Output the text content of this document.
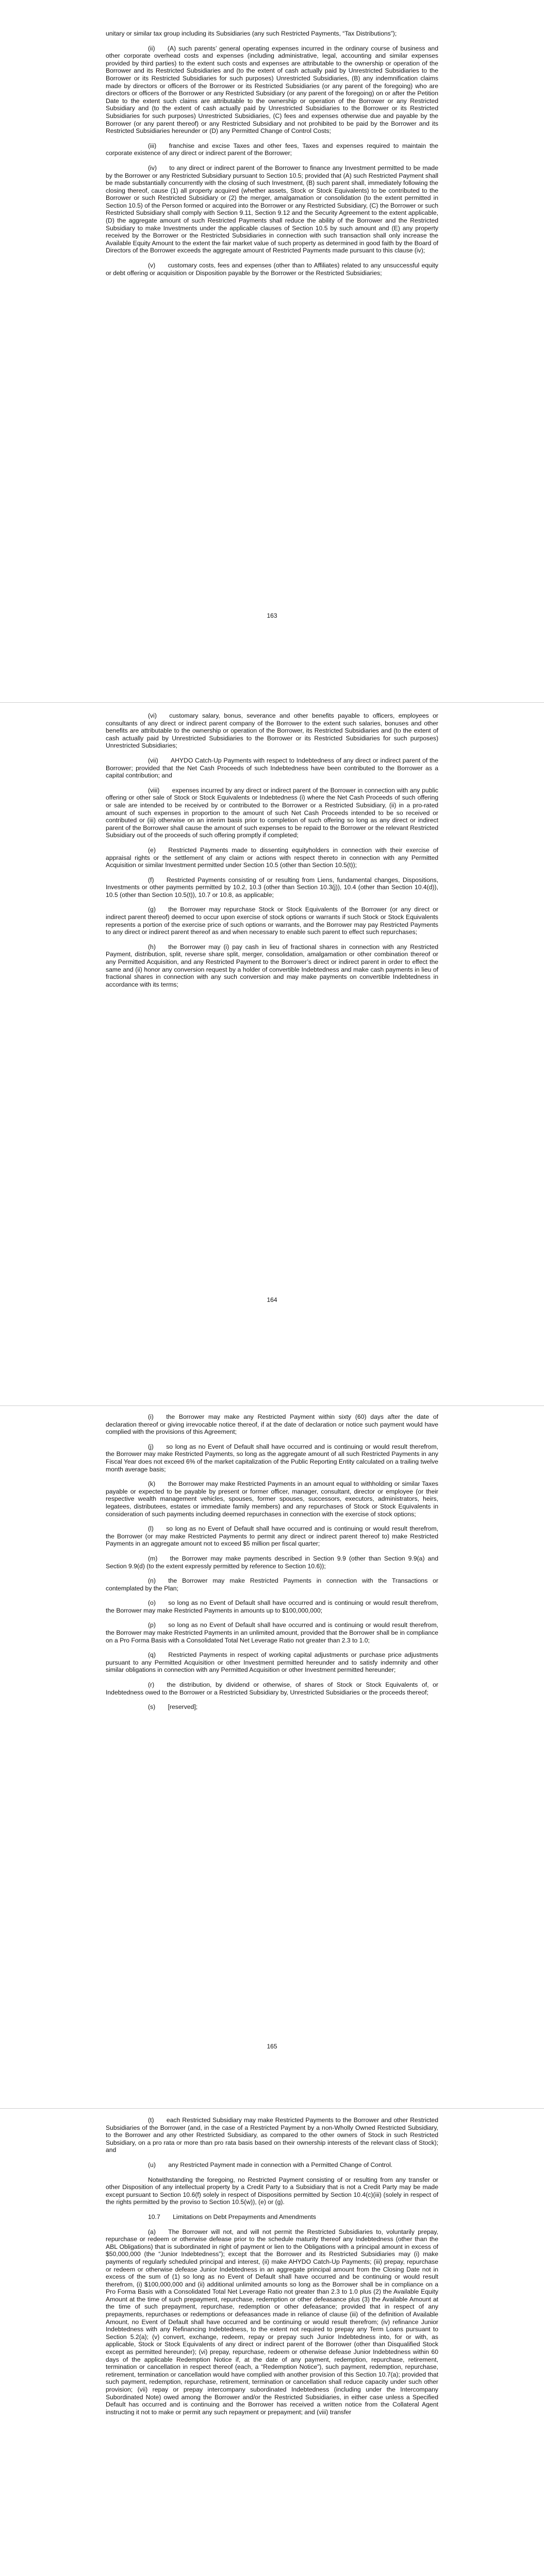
unitary or similar tax group including its Subsidiaries (any such Restricted Payments, “Tax Distributions”);

(ii)  (A) such parents’ general operating expenses incurred in the ordinary course of business and other corporate overhead costs and expenses (including administrative, legal, accounting and similar expenses provided by third parties) to the extent such costs and expenses are attributable to the ownership or operation of the Borrower and its Restricted Subsidiaries and (to the extent of cash actually paid by Unrestricted Subsidiaries to the Borrower or its Restricted Subsidiaries for such purposes) Unrestricted Subsidiaries, (B) any indemnification claims made by directors or officers of the Borrower or its Restricted Subsidiaries (or any parent of the foregoing) who are directors or officers of the Borrower or any Restricted Subsidiary (or any parent of the foregoing) on or after the Petition Date to the extent such claims are attributable to the ownership or operation of the Borrower or any Restricted Subsidiary and (to the extent of cash actually paid by Unrestricted Subsidiaries to the Borrower or its Restricted Subsidiaries for such purposes) Unrestricted Subsidiaries, (C) fees and expenses otherwise due and payable by the Borrower (or any parent thereof) or any Restricted Subsidiary and not prohibited to be paid by the Borrower and its Restricted Subsidiaries hereunder or (D) any Permitted Change of Control Costs;

(iii)  franchise and excise Taxes and other fees, Taxes and expenses required to maintain the corporate existence of any direct or indirect parent of the Borrower;

(iv)  to any direct or indirect parent of the Borrower to finance any Investment permitted to be made by the Borrower or any Restricted Subsidiary pursuant to Section 10.5; provided that (A) such Restricted Payment shall be made substantially concurrently with the closing of such Investment, (B) such parent shall, immediately following the closing thereof, cause (1) all property acquired (whether assets, Stock or Stock Equivalents) to be contributed to the Borrower or such Restricted Subsidiary or (2) the merger, amalgamation or consolidation (to the extent permitted in Section 10.5) of the Person formed or acquired into the Borrower or any Restricted Subsidiary, (C) the Borrower or such Restricted Subsidiary shall comply with Section 9.11, Section 9.12 and the Security Agreement to the extent applicable, (D) the aggregate amount of such Restricted Payments shall reduce the ability of the Borrower and the Restricted Subsidiary to make Investments under the applicable clauses of Section 10.5 by such amount and (E) any property received by the Borrower or the Restricted Subsidiaries in connection with such transaction shall only increase the Available Equity Amount to the extent the fair market value of such property as determined in good faith by the Board of Directors of the Borrower exceeds the aggregate amount of Restricted Payments made pursuant to this clause (iv);

(v)  customary costs, fees and expenses (other than to Affiliates) related to any unsuccessful equity or debt offering or acquisition or Disposition payable by the Borrower or the Restricted Subsidiaries;

163

(vi)  customary salary, bonus, severance and other benefits payable to officers, employees or consultants of any direct or indirect parent company of the Borrower to the extent such salaries, bonuses and other benefits are attributable to the ownership or operation of the Borrower, its Restricted Subsidiaries and (to the extent of cash actually paid by Unrestricted Subsidiaries to the Borrower or its Restricted Subsidiaries for such purposes) Unrestricted Subsidiaries;

(vii)  AHYDO Catch-Up Payments with respect to Indebtedness of any direct or indirect parent of the Borrower; provided that the Net Cash Proceeds of such Indebtedness have been contributed to the Borrower as a capital contribution; and

(viii)  expenses incurred by any direct or indirect parent of the Borrower in connection with any public offering or other sale of Stock or Stock Equivalents or Indebtedness (i) where the Net Cash Proceeds of such offering or sale are intended to be received by or contributed to the Borrower or a Restricted Subsidiary, (ii) in a pro-rated amount of such expenses in proportion to the amount of such Net Cash Proceeds intended to be so received or contributed or (iii) otherwise on an interim basis prior to completion of such offering so long as any direct or indirect parent of the Borrower shall cause the amount of such expenses to be repaid to the Borrower or the relevant Restricted Subsidiary out of the proceeds of such offering promptly if completed;

(e)  Restricted Payments made to dissenting equityholders in connection with their exercise of appraisal rights or the settlement of any claim or actions with respect thereto in connection with any Permitted Acquisition or similar Investment permitted under Section 10.5 (other than Section 10.5(t));

(f)  Restricted Payments consisting of or resulting from Liens, fundamental changes, Dispositions, Investments or other payments permitted by 10.2, 10.3 (other than Section 10.3(j)), 10.4 (other than Section 10.4(d)), 10.5 (other than Section 10.5(t)), 10.7 or 10.8, as applicable;

(g)  the Borrower may repurchase Stock or Stock Equivalents of the Borrower (or any direct or indirect parent thereof) deemed to occur upon exercise of stock options or warrants if such Stock or Stock Equivalents represents a portion of the exercise price of such options or warrants, and the Borrower may pay Restricted Payments to any direct or indirect parent thereof as and when necessary to enable such parent to effect such repurchases;

(h)  the Borrower may (i) pay cash in lieu of fractional shares in connection with any Restricted Payment, distribution, split, reverse share split, merger, consolidation, amalgamation or other combination thereof or any Permitted Acquisition, and any Restricted Payment to the Borrower’s direct or indirect parent in order to effect the same and (ii) honor any conversion request by a holder of convertible Indebtedness and make cash payments in lieu of fractional shares in connection with any such conversion and may make payments on convertible Indebtedness in accordance with its terms;

164

(i)  the Borrower may make any Restricted Payment within sixty (60) days after the date of declaration thereof or giving irrevocable notice thereof, if at the date of declaration or notice such payment would have complied with the provisions of this Agreement;

(j)  so long as no Event of Default shall have occurred and is continuing or would result therefrom, the Borrower may make Restricted Payments, so long as the aggregate amount of all such Restricted Payments in any Fiscal Year does not exceed 6% of the market capitalization of the Public Reporting Entity calculated on a trailing twelve month average basis;

(k)  the Borrower may make Restricted Payments in an amount equal to withholding or similar Taxes payable or expected to be payable by present or former officer, manager, consultant, director or employee (or their respective wealth management vehicles, spouses, former spouses, successors, executors, administrators, heirs, legatees, distributees, estates or immediate family members) and any repurchases of Stock or Stock Equivalents in consideration of such payments including deemed repurchases in connection with the exercise of stock options;

(l)  so long as no Event of Default shall have occurred and is continuing or would result therefrom, the Borrower (or may make Restricted Payments to permit any direct or indirect parent thereof to) make Restricted Payments in an aggregate amount not to exceed $5 million per fiscal quarter;

(m)  the Borrower may make payments described in Section 9.9 (other than Section 9.9(a) and Section 9.9(d) (to the extent expressly permitted by reference to Section 10.6));

(n)  the Borrower may make Restricted Payments in connection with the Transactions or contemplated by the Plan;

(o)  so long as no Event of Default shall have occurred and is continuing or would result therefrom, the Borrower may make Restricted Payments in amounts up to $100,000,000;

(p)  so long as no Event of Default shall have occurred and is continuing or would result therefrom, the Borrower may make Restricted Payments in an unlimited amount, provided that the Borrower shall be in compliance on a Pro Forma Basis with a Consolidated Total Net Leverage Ratio not greater than 2.3 to 1.0;

(q)  Restricted Payments in respect of working capital adjustments or purchase price adjustments pursuant to any Permitted Acquisition or other Investment permitted hereunder and to satisfy indemnity and other similar obligations in connection with any Permitted Acquisition or other Investment permitted hereunder;

(r)  the distribution, by dividend or otherwise, of shares of Stock or Stock Equivalents of, or Indebtedness owed to the Borrower or a Restricted Subsidiary by, Unrestricted Subsidiaries or the proceeds thereof;

(s)  [reserved];

165

(t)  each Restricted Subsidiary may make Restricted Payments to the Borrower and other Restricted Subsidiaries of the Borrower (and, in the case of a Restricted Payment by a non-Wholly Owned Restricted Subsidiary, to the Borrower and any other Restricted Subsidiary, as compared to the other owners of Stock in such Restricted Subsidiary, on a pro rata or more than pro rata basis based on their ownership interests of the relevant class of Stock); and

(u)  any Restricted Payment made in connection with a Permitted Change of Control.

Notwithstanding the foregoing, no Restricted Payment consisting of or resulting from any transfer or other Disposition of any intellectual property by a Credit Party to a Subsidiary that is not a Credit Party may be made except pursuant to Section 10.6(f) solely in respect of Dispositions permitted by Section 10.4(c)(iii) (solely in respect of the rights permitted by the proviso to Section 10.5(w)), (e) or (g).

10.7  Limitations on Debt Prepayments and Amendments

(a)  The Borrower will not, and will not permit the Restricted Subsidiaries to, voluntarily prepay, repurchase or redeem or otherwise defease prior to the schedule maturity thereof any Indebtedness (other than the ABL Obligations) that is subordinated in right of payment or lien to the Obligations with a principal amount in excess of $50,000,000 (the “Junior Indebtedness”); except that the Borrower and its Restricted Subsidiaries may (i) make payments of regularly scheduled principal and interest, (ii) make AHYDO Catch-Up Payments; (iii) prepay, repurchase or redeem or otherwise defease Junior Indebtedness in an aggregate principal amount from the Closing Date not in excess of the sum of (1) so long as no Event of Default shall have occurred and be continuing or would result therefrom, (i) $100,000,000 and (ii) additional unlimited amounts so long as the Borrower shall be in compliance on a Pro Forma Basis with a Consolidated Total Net Leverage Ratio not greater than 2.3 to 1.0 plus (2) the Available Equity Amount at the time of such prepayment, repurchase, redemption or other defeasance plus (3) the Available Amount at the time of such prepayment, repurchase, redemption or other defeasance; provided that in respect of any prepayments, repurchases or redemptions or defeasances made in reliance of clause (iii) of the definition of Available Amount, no Event of Default shall have occurred and be continuing or would result therefrom; (iv) refinance Junior Indebtedness with any Refinancing Indebtedness, to the extent not required to prepay any Term Loans pursuant to Section 5.2(a); (v) convert, exchange, redeem, repay or prepay such Junior Indebtedness into, for or with, as applicable, Stock or Stock Equivalents of any direct or indirect parent of the Borrower (other than Disqualified Stock except as permitted hereunder); (vi) prepay, repurchase, redeem or otherwise defease Junior Indebtedness within 60 days of the applicable Redemption Notice if, at the date of any payment, redemption, repurchase, retirement, termination or cancellation in respect thereof (each, a “Redemption Notice”), such payment, redemption, repurchase, retirement, termination or cancellation would have complied with another provision of this Section 10.7(a); provided that such payment, redemption, repurchase, retirement, termination or cancellation shall reduce capacity under such other provision; (vii) repay or prepay intercompany subordinated Indebtedness (including under the Intercompany Subordinated Note) owed among the Borrower and/or the Restricted Subsidiaries, in either case unless a Specified Default has occurred and is continuing and the Borrower has received a written notice from the Collateral Agent instructing it not to make or permit any such repayment or prepayment; and (viii) transfer
